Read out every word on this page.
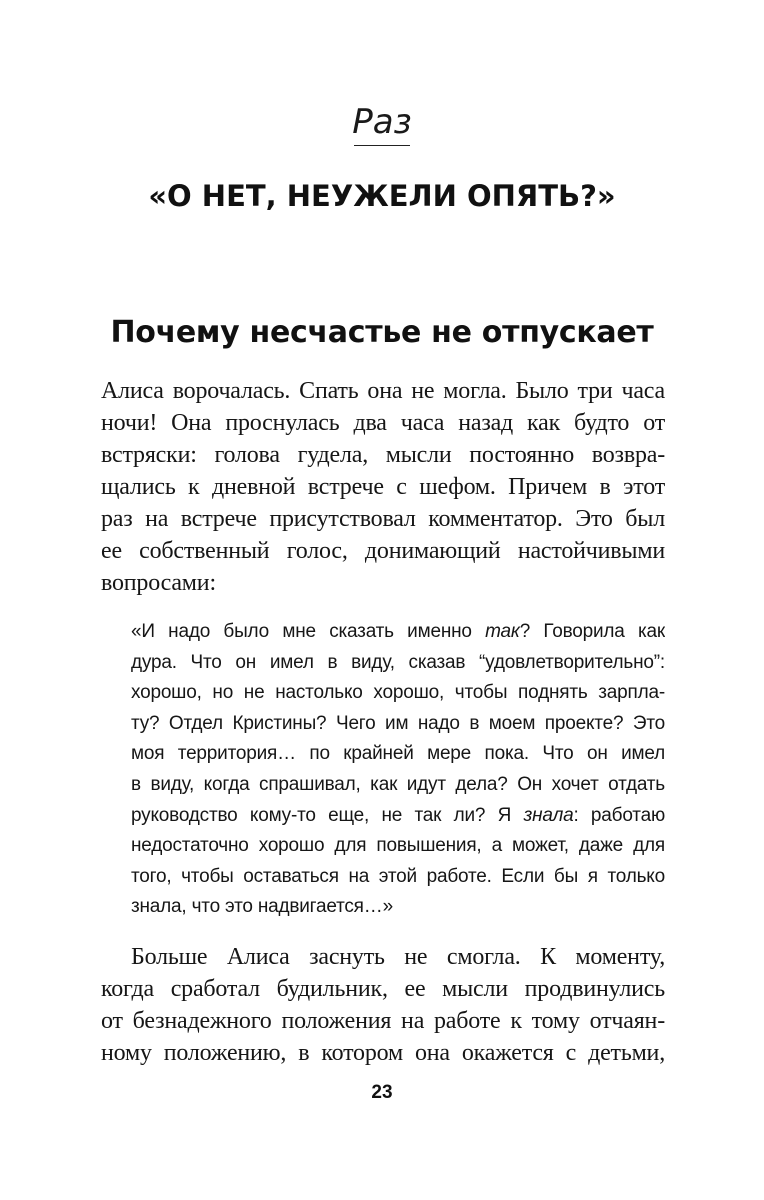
Раз
«О НЕТ, НЕУЖЕЛИ ОПЯТЬ?»
Почему несчастье не отпускает
Алиса ворочалась. Спать она не могла. Было три часа
ночи! Она проснулась два часа назад как будто от
встряски: голова гудела, мысли постоянно возвра-
щались к дневной встрече с шефом. Причем в этот
раз на встрече присутствовал комментатор. Это был
ее собственный голос, донимающий настойчивыми
вопросами:
«И надо было мне сказать именно так? Говорила как
дура. Что он имел в виду, сказав “удовлетворительно”:
хорошо, но не настолько хорошо, чтобы поднять зарпла-
ту? Отдел Кристины? Чего им надо в моем проекте? Это
моя территория… по крайней мере пока. Что он имел
в виду, когда спрашивал, как идут дела? Он хочет отдать
руководство кому-то еще, не так ли? Я знала: работаю
недостаточно хорошо для повышения, а может, даже для
того, чтобы оставаться на этой работе. Если бы я только
знала, что это надвигается…»
Больше Алиса заснуть не смогла. К моменту,
когда сработал будильник, ее мысли продвинулись
от безнадежного положения на работе к тому отчаян-
ному положению, в котором она окажется с детьми,
23
